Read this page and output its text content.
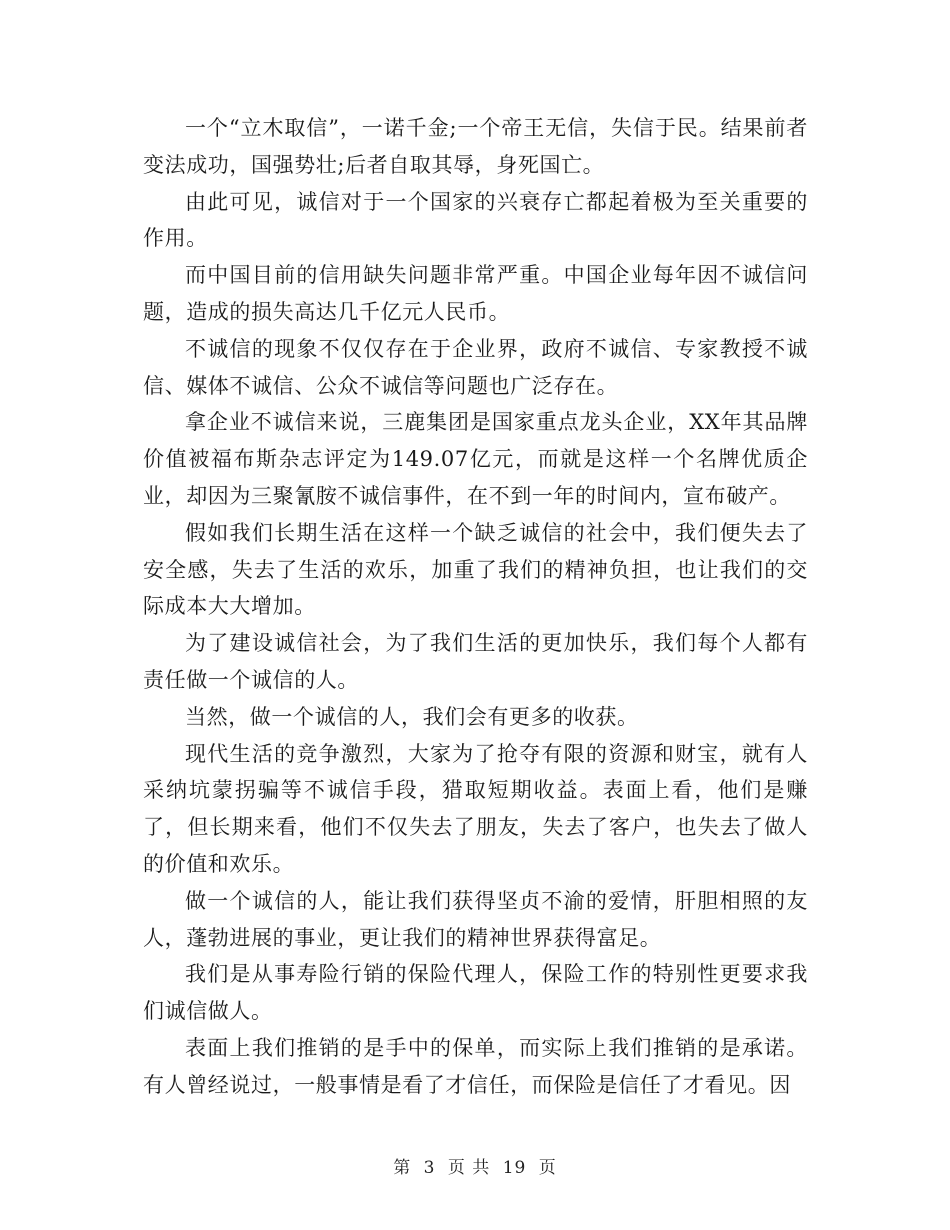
一个“立木取信”，一诺千金;一个帝王无信，失信于民。结果前者变法成功，国强势壮;后者自取其辱，身死国亡。

由此可见，诚信对于一个国家的兴衰存亡都起着极为至关重要的作用。

而中国目前的信用缺失问题非常严重。中国企业每年因不诚信问题，造成的损失高达几千亿元人民币。

不诚信的现象不仅仅存在于企业界，政府不诚信、专家教授不诚信、媒体不诚信、公众不诚信等问题也广泛存在。

拿企业不诚信来说，三鹿集团是国家重点龙头企业，XX年其品牌价值被福布斯杂志评定为149.07亿元，而就是这样一个名牌优质企业，却因为三聚氰胺不诚信事件，在不到一年的时间内，宣布破产。

假如我们长期生活在这样一个缺乏诚信的社会中，我们便失去了安全感，失去了生活的欢乐，加重了我们的精神负担，也让我们的交际成本大大增加。

为了建设诚信社会，为了我们生活的更加快乐，我们每个人都有责任做一个诚信的人。

当然，做一个诚信的人，我们会有更多的收获。

现代生活的竞争激烈，大家为了抢夺有限的资源和财宝，就有人采纳坑蒙拐骗等不诚信手段，猎取短期收益。表面上看，他们是赚了，但长期来看，他们不仅失去了朋友，失去了客户，也失去了做人的价值和欢乐。

做一个诚信的人，能让我们获得坚贞不渝的爱情，肝胆相照的友人，蓬勃进展的事业，更让我们的精神世界获得富足。

我们是从事寿险行销的保险代理人，保险工作的特别性更要求我们诚信做人。

表面上我们推销的是手中的保单，而实际上我们推销的是承诺。有人曾经说过，一般事情是看了才信任，而保险是信任了才看见。因

第 3 页 共 19 页
